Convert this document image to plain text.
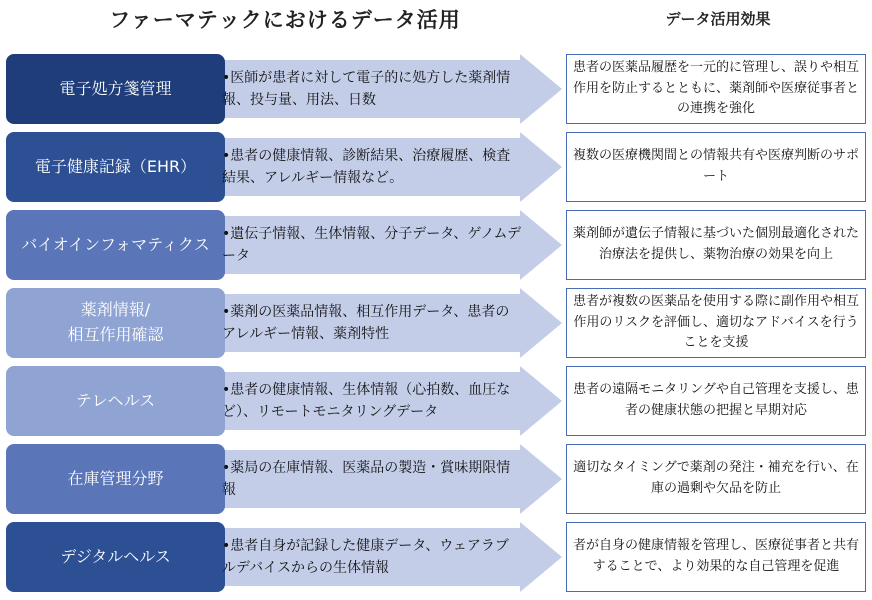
ファーマテックにおけるデータ活用	データ活用効果
電子処方箋管理
•医師が患者に対して電子的に処方した薬剤情報、投与量、用法、日数
患者の医薬品履歴を一元的に管理し、誤りや相互作用を防止するとともに、薬剤師や医療従事者との連携を強化
電子健康記録（EHR）
•患者の健康情報、診断結果、治療履歴、検査結果、アレルギー情報など。
複数の医療機関間との情報共有や医療判断のサポート
バイオインフォマティクス
•遺伝子情報、生体情報、分子データ、ゲノムデータ
薬剤師が遺伝子情報に基づいた個別最適化された治療法を提供し、薬物治療の効果を向上
薬剤情報/
相互作用確認
•薬剤の医薬品情報、相互作用データ、患者のアレルギー情報、薬剤特性
患者が複数の医薬品を使用する際に副作用や相互作用のリスクを評価し、適切なアドバイスを行うことを支援
テレヘルス
•患者の健康情報、生体情報（心拍数、血圧など）、リモートモニタリングデータ
患者の遠隔モニタリングや自己管理を支援し、患者の健康状態の把握と早期対応
在庫管理分野
•薬局の在庫情報、医薬品の製造・賞味期限情報
適切なタイミングで薬剤の発注・補充を行い、在庫の過剰や欠品を防止
デジタルヘルス
•患者自身が記録した健康データ、ウェアラブルデバイスからの生体情報
者が自身の健康情報を管理し、医療従事者と共有することで、より効果的な自己管理を促進
